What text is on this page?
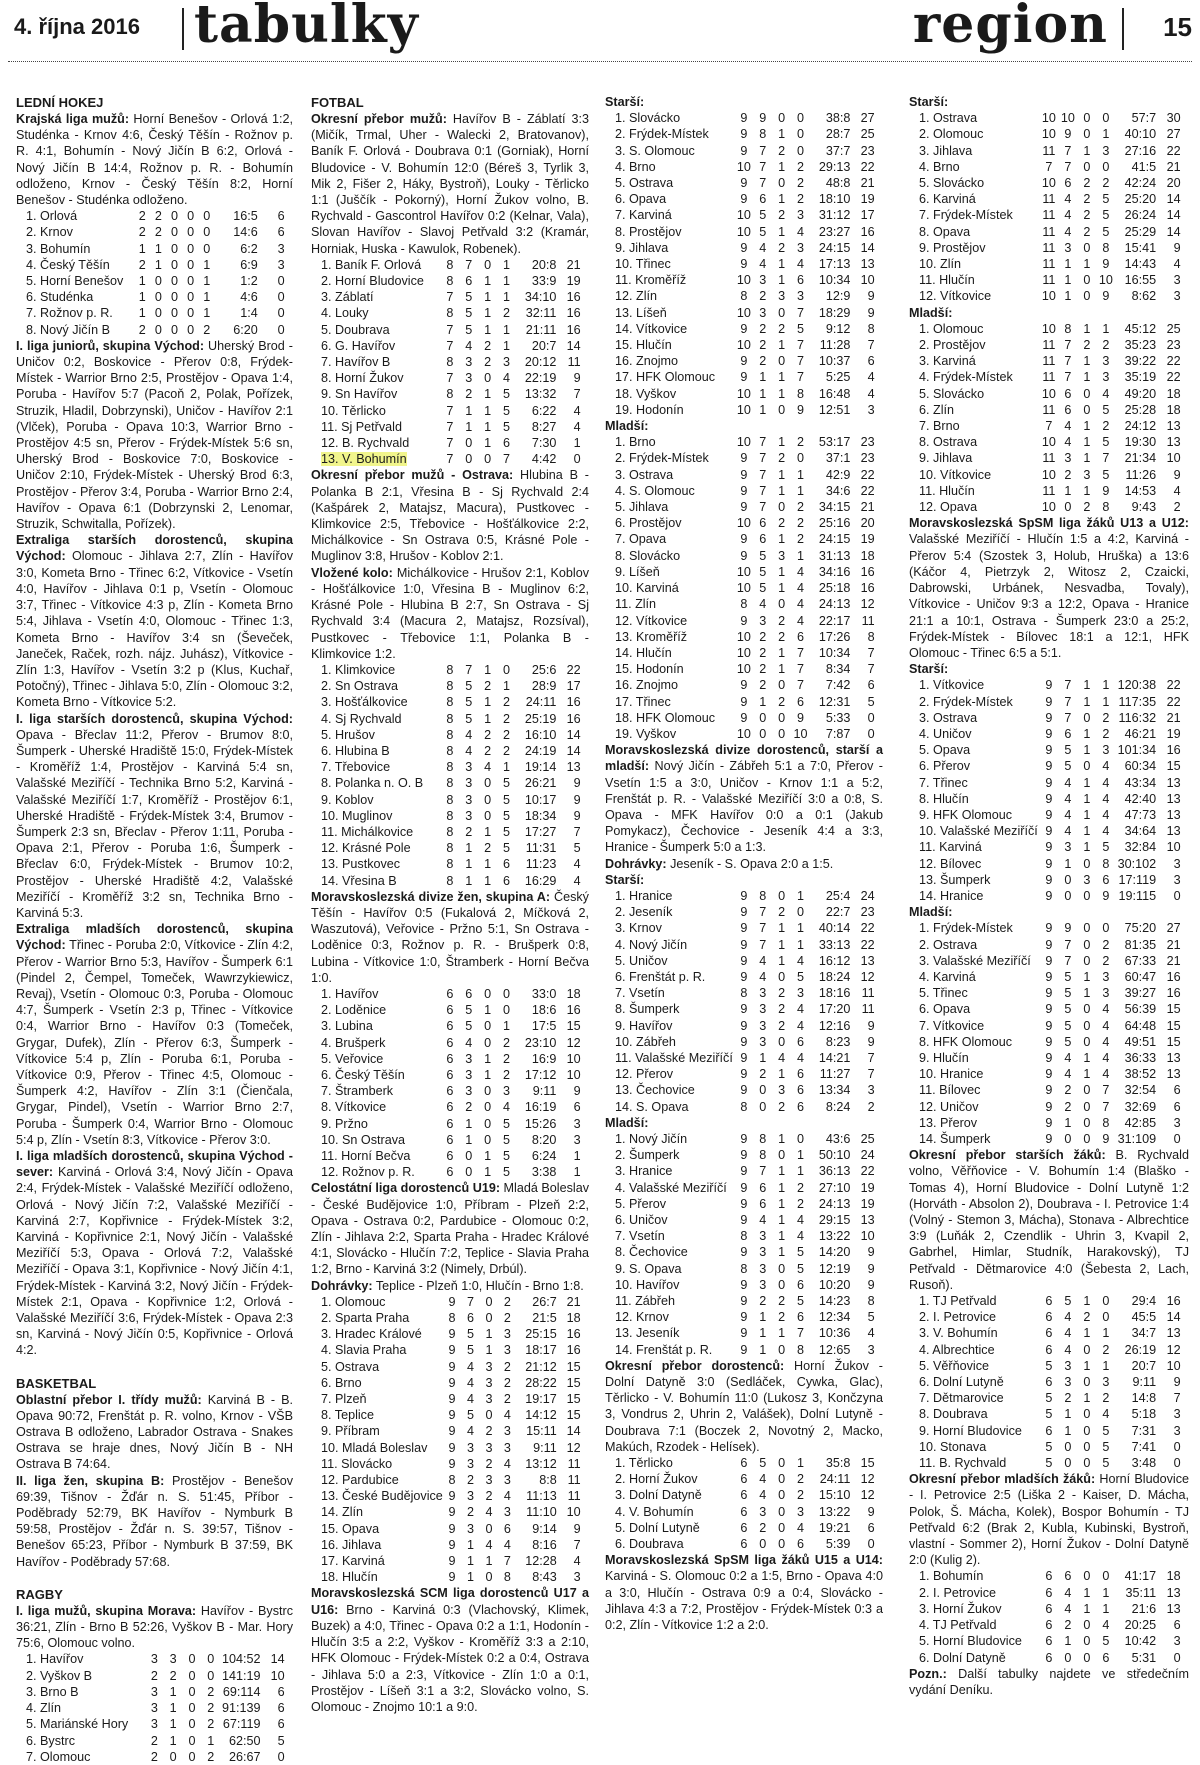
4. října 2016 tabulky	region 15
LEDNÍ HOKEJ

Krajská liga mužů: Horní Benešov - Orlová 1:2, Studénka - Krnov 4:6, Český Těšín - Rožnov p. R. 4:1, Bohumín - Nový Jičín B 6:2, Orlová - Nový Jičín B 14:4, Rožnov p. R. - Bohumín odloženo, Krnov - Český Těšín 8:2, Horní Benešov - Studénka odloženo.

1. Orlová	2	2	0	0	0	16:5	6
2. Krnov	2	2	0	0	0	14:6	6
3. Bohumín	1	1	0	0	0	6:2	3
4. Český Těšín	2	1	0	0	1	6:9	3
5. Horní Benešov	1	0	0	0	1	1:2	0
6. Studénka	1	0	0	0	1	4:6	0
7. Rožnov p. R.	1	0	0	0	1	1:4	0
8. Nový Jičín B	2	0	0	0	2	6:20	0

I. liga juniorů, skupina Východ: Uherský Brod - Uničov 0:2, Boskovice - Přerov 0:8, Frýdek-Místek - Warrior Brno 2:5, Prostějov - Opava 1:4, Poruba - Havířov 5:7 (Pacoň 2, Polak, Pořízek, Struzik, Hladil, Dobrzynski), Uničov - Havířov 2:1 (Vlček), Poruba - Opava 10:3, Warrior Brno - Prostějov 4:5 sn, Přerov - Frýdek-Místek 5:6 sn, Uherský Brod - Boskovice 7:0, Boskovice - Uničov 2:10, Frýdek-Místek - Uherský Brod 6:3, Prostějov - Přerov 3:4, Poruba - Warrior Brno 2:4, Havířov - Opava 6:1 (Dobrzynski 2, Lenomar, Struzik, Schwitalla, Pořízek).

Extraliga starších dorostenců, skupina Východ: Olomouc - Jihlava 2:7, Zlín - Havířov 3:0, Kometa Brno - Třinec 6:2, Vítkovice - Vsetín 4:0, Havířov - Jihlava 0:1 p, Vsetín - Olomouc 3:7, Třinec - Vítkovice 4:3 p, Zlín - Kometa Brno 5:4, Jihlava - Vsetín 4:0, Olomouc - Třinec 1:3, Kometa Brno - Havířov 3:4 sn (Ševeček, Janeček, Raček, rozh. nájz. Juhász), Vítkovice - Zlín 1:3, Havířov - Vsetín 3:2 p (Klus, Kuchař, Potočný), Třinec - Jihlava 5:0, Zlín - Olomouc 3:2, Kometa Brno - Vítkovice 5:2.

I. liga starších dorostenců, skupina Východ: Opava - Břeclav 11:2, Přerov - Brumov 8:0, Šumperk - Uherské Hradiště 15:0, Frýdek-Místek - Kroměříž 1:4, Prostějov - Karviná 5:4 sn, Valašské Meziříčí - Technika Brno 5:2, Karviná - Valašské Meziříčí 1:7, Kroměříž - Prostějov 6:1, Uherské Hradiště - Frýdek-Místek 3:4, Brumov - Šumperk 2:3 sn, Břeclav - Přerov 1:11, Poruba - Opava 2:1, Přerov - Poruba 1:6, Šumperk - Břeclav 6:0, Frýdek-Místek - Brumov 10:2, Prostějov - Uherské Hradiště 4:2, Valašské Meziříčí - Kroměříž 3:2 sn, Technika Brno - Karviná 5:3.

Extraliga mladších dorostenců, skupina Východ: Třinec - Poruba 2:0, Vítkovice - Zlín 4:2, Přerov - Warrior Brno 5:3, Havířov - Šumperk 6:1 (Pindel 2, Čempel, Tomeček, Wawrzykiewicz, Revaj), Vsetín - Olomouc 0:3, Poruba - Olomouc 4:7, Šumperk - Vsetín 2:3 p, Třinec - Vítkovice 0:4, Warrior Brno - Havířov 0:3 (Tomeček, Grygar, Dufek), Zlín - Přerov 6:3, Šumperk - Vítkovice 5:4 p, Zlín - Poruba 6:1, Poruba - Vítkovice 0:9, Přerov - Třinec 4:5, Olomouc - Šumperk 4:2, Havířov - Zlín 3:1 (Čienčala, Grygar, Pindel), Vsetín - Warrior Brno 2:7, Poruba - Šumperk 0:4, Warrior Brno - Olomouc 5:4 p, Zlín - Vsetín 8:3, Vítkovice - Přerov 3:0.

I. liga mladších dorostenců, skupina Východ - sever: Karviná - Orlová 3:4, Nový Jičín - Opava 2:4, Frýdek-Místek - Valašské Meziříčí odloženo, Orlová - Nový Jičín 7:2, Valašské Meziříčí - Karviná 2:7, Kopřivnice - Frýdek-Místek 3:2, Karviná - Kopřivnice 2:1, Nový Jičín - Valašské Meziříčí 5:3, Opava - Orlová 7:2, Valašské Meziříčí - Opava 3:1, Kopřivnice - Nový Jičín 4:1, Frýdek-Místek - Karviná 3:2, Nový Jičín - Frýdek-Místek 2:1, Opava - Kopřivnice 1:2, Orlová - Valašské Meziříčí 3:6, Frýdek-Místek - Opava 2:3 sn, Karviná - Nový Jičín 0:5, Kopřivnice - Orlová 4:2.

BASKETBAL

Oblastní přebor I. třídy mužů: Karviná B - B. Opava 90:72, Frenštát p. R. volno, Krnov - VŠB Ostrava B odloženo, Labrador Ostrava - Snakes Ostrava se hraje dnes, Nový Jičín B - NH Ostrava B 74:64.

II. liga žen, skupina B: Prostějov - Benešov 69:39, Tišnov - Žďár n. S. 51:45, Příbor - Poděbrady 52:79, BK Havířov - Nymburk B 59:58, Prostějov - Žďár n. S. 39:57, Tišnov - Benešov 65:23, Příbor - Nymburk B 37:59, BK Havířov - Poděbrady 57:68.

RAGBY

I. liga mužů, skupina Morava: Havířov - Bystrc 36:21, Zlín - Brno B 52:26, Vyškov B - Mar. Hory 75:6, Olomouc volno.

1. Havířov	3	3	0	0	104:52	14
2. Vyškov B	2	2	0	0	141:19	10
3. Brno B	3	1	0	2	69:114	6
4. Zlín	3	1	0	2	91:139	6
5. Mariánské Hory	3	1	0	2	67:119	6
6. Bystrc	2	1	0	1	62:50	5
7. Olomouc	2	0	0	2	26:67	0
FOTBAL

Okresní přebor mužů: Havířov B - Záblatí 3:3 (Mičík, Trmal, Uher - Walecki 2, Bratovanov), Baník F. Orlová - Doubrava 0:1 (Gorniak), Horní Bludovice - V. Bohumín 12:0 (Béreš 3, Tyrlik 3, Mik 2, Fišer 2, Háky, Bystroň), Louky - Těrlicko 1:1 (Juščík - Pokorný), Horní Žukov volno, B. Rychvald - Gascontrol Havířov 0:2 (Kelnar, Vala), Slovan Havířov - Slavoj Petřvald 3:2 (Kramár, Horniak, Huska - Kawulok, Robenek).

1. Baník F. Orlová	8	7	0	1	20:8	21
2. Horní Bludovice	8	6	1	1	33:9	19
3. Záblatí	7	5	1	1	34:10	16
4. Louky	8	5	1	2	32:11	16
5. Doubrava	7	5	1	1	21:11	16
6. G. Havířov	7	4	2	1	20:7	14
7. Havířov B	8	3	2	3	20:12	11
8. Horní Žukov	7	3	0	4	22:19	9
9. Sn Havířov	8	2	1	5	13:32	7
10. Těrlicko	7	1	1	5	6:22	4
11. Sj Petřvald	7	1	1	5	8:27	4
12. B. Rychvald	7	0	1	6	7:30	1
13. V. Bohumín	7	0	0	7	4:42	0

Okresní přebor mužů - Ostrava: Hlubina B - Polanka B 2:1, Vřesina B - Sj Rychvald 2:4 (Kašpárek 2, Matajsz, Macura), Pustkovec - Klimkovice 2:5, Třebovice - Hošťálkovice 2:2, Michálkovice - Sn Ostrava 0:5, Krásné Pole - Muglinov 3:8, Hrušov - Koblov 2:1.

Vložené kolo: Michálkovice - Hrušov 2:1, Koblov - Hošťálkovice 1:0, Vřesina B - Muglinov 6:2, Krásné Pole - Hlubina B 2:7, Sn Ostrava - Sj Rychvald 3:4 (Macura 2, Matajsz, Rozsíval), Pustkovec - Třebovice 1:1, Polanka B - Klimkovice 1:2.

1. Klimkovice	8	7	1	0	25:6	22
2. Sn Ostrava	8	5	2	1	28:9	17
3. Hošťálkovice	8	5	1	2	24:11	16
4. Sj Rychvald	8	5	1	2	25:19	16
5. Hrušov	8	4	2	2	16:10	14
6. Hlubina B	8	4	2	2	24:19	14
7. Třebovice	8	3	4	1	19:14	13
8. Polanka n. O. B	8	3	0	5	26:21	9
9. Koblov	8	3	0	5	10:17	9
10. Muglinov	8	3	0	5	18:34	9
11. Michálkovice	8	2	1	5	17:27	7
12. Krásné Pole	8	1	2	5	11:31	5
13. Pustkovec	8	1	1	6	11:23	4
14. Vřesina B	8	1	1	6	16:29	4

Moravskoslezská divize žen, skupina A: Český Těšín - Havířov 0:5 (Fukalová 2, Míčková 2, Waszutová), Veřovice - Pržno 5:1, Sn Ostrava - Loděnice 0:3, Rožnov p. R. - Brušperk 0:8, Lubina - Vítkovice 1:0, Štramberk - Horní Bečva 1:0.

1. Havířov	6	6	0	0	33:0	18
2. Loděnice	6	5	1	0	18:6	16
3. Lubina	6	5	0	1	17:5	15
4. Brušperk	6	4	0	2	23:10	12
5. Veřovice	6	3	1	2	16:9	10
6. Český Těšín	6	3	1	2	17:12	10
7. Štramberk	6	3	0	3	9:11	9
8. Vítkovice	6	2	0	4	16:19	6
9. Pržno	6	1	0	5	15:26	3
10. Sn Ostrava	6	1	0	5	8:20	3
11. Horní Bečva	6	0	1	5	6:24	1
12. Rožnov p. R.	6	0	1	5	3:38	1

Celostátní liga dorostenců U19: Mladá Boleslav - České Budějovice 1:0, Příbram - Plzeň 2:2, Opava - Ostrava 0:2, Pardubice - Olomouc 0:2, Zlín - Jihlava 2:2, Sparta Praha - Hradec Králové 4:1, Slovácko - Hlučín 7:2, Teplice - Slavia Praha 1:2, Brno - Karviná 3:2 (Nimely, Drbúl).

Dohrávky: Teplice - Plzeň 1:0, Hlučín - Brno 1:8.

1. Olomouc	9	7	0	2	26:7	21
2. Sparta Praha	8	6	0	2	21:5	18
3. Hradec Králové	9	5	1	3	25:15	16
4. Slavia Praha	9	5	1	3	18:17	16
5. Ostrava	9	4	3	2	21:12	15
6. Brno	9	4	3	2	28:22	15
7. Plzeň	9	4	3	2	19:17	15
8. Teplice	9	5	0	4	14:12	15
9. Příbram	9	4	2	3	15:11	14
10. Mladá Boleslav	9	3	3	3	9:11	12
11. Slovácko	9	3	2	4	13:12	11
12. Pardubice	8	2	3	3	8:8	11
13. České Budějovice	9	3	2	4	11:13	11
14. Zlín	9	2	4	3	11:10	10
15. Opava	9	3	0	6	9:14	9
16. Jihlava	9	1	4	4	8:16	7
17. Karviná	9	1	1	7	12:28	4
18. Hlučín	9	1	0	8	8:43	3

Moravskoslezská SCM liga dorostenců U17 a U16: Brno - Karviná 0:3 (Vlachovský, Klimek, Buzek) a 4:0, Třinec - Opava 0:2 a 1:1, Hodonín - Hlučín 3:5 a 2:2, Vyškov - Kroměříž 3:3 a 2:10, HFK Olomouc - Frýdek-Místek 0:2 a 0:4, Ostrava - Jihlava 5:0 a 2:3, Vítkovice - Zlín 1:0 a 0:1, Prostějov - Líšeň 3:1 a 3:2, Slovácko volno, S. Olomouc - Znojmo 10:1 a 9:0.

Starší:
1. Slovácko	9	9	0	0	38:8	27
2. Frýdek-Místek	9	8	1	0	28:7	25
3. S. Olomouc	9	7	2	0	37:7	23
4. Brno	10	7	1	2	29:13	22
5. Ostrava	9	7	0	2	48:8	21
6. Opava	9	6	1	2	18:10	19
7. Karviná	10	5	2	3	31:12	17
8. Prostějov	10	5	1	4	23:27	16
9. Jihlava	9	4	2	3	24:15	14
10. Třinec	9	4	1	4	17:13	13
11. Kroměříž	10	3	1	6	10:34	10
12. Zlín	8	2	3	3	12:9	9
13. Líšeň	10	3	0	7	18:29	9
14. Vítkovice	9	2	2	5	9:12	8
15. Hlučín	10	2	1	7	11:28	7
16. Znojmo	9	2	0	7	10:37	6
17. HFK Olomouc	9	1	1	7	5:25	4
18. Vyškov	10	1	1	8	16:48	4
19. Hodonín	10	1	0	9	12:51	3
Mladší:
1. Brno	10	7	1	2	53:17	23
2. Frýdek-Místek	9	7	2	0	37:1	23
3. Ostrava	9	7	1	1	42:9	22
4. S. Olomouc	9	7	1	1	34:6	22
5. Jihlava	9	7	0	2	34:15	21
6. Prostějov	10	6	2	2	25:16	20
7. Opava	9	6	1	2	24:15	19
8. Slovácko	9	5	3	1	31:13	18
9. Líšeň	10	5	1	4	34:16	16
10. Karviná	10	5	1	4	25:18	16
11. Zlín	8	4	0	4	24:13	12
12. Vítkovice	9	3	2	4	22:17	11
13. Kroměříž	10	2	2	6	17:26	8
14. Hlučín	10	2	1	7	10:34	7
15. Hodonín	10	2	1	7	8:34	7
16. Znojmo	9	2	0	7	7:42	6
17. Třinec	9	1	2	6	12:31	5
18. HFK Olomouc	9	0	0	9	5:33	0
19. Vyškov	10	0	0	10	7:87	0

Moravskoslezská divize dorostenců, starší a mladší: Nový Jičín - Zábřeh 5:1 a 7:0, Přerov - Vsetín 1:5 a 3:0, Uničov - Krnov 1:1 a 5:2, Frenštát p. R. - Valašské Meziříčí 3:0 a 0:8, S. Opava - MFK Havířov 0:0 a 0:1 (Jakub Pomykacz), Čechovice - Jeseník 4:4 a 3:3, Hranice - Šumperk 5:0 a 1:3.

Dohrávky: Jeseník - S. Opava 2:0 a 1:5.

Starší:
1. Hranice	9	8	0	1	25:4	24
2. Jeseník	9	7	2	0	22:7	23
3. Krnov	9	7	1	1	40:14	22
4. Nový Jičín	9	7	1	1	33:13	22
5. Uničov	9	4	1	4	16:12	13
6. Frenštát p. R.	9	4	0	5	18:24	12
7. Vsetín	8	3	2	3	18:16	11
8. Šumperk	9	3	2	4	17:20	11
9. Havířov	9	3	2	4	12:16	9
10. Zábřeh	9	3	0	6	8:23	9
11. Valašské Meziříčí	9	1	4	4	14:21	7
12. Přerov	9	2	1	6	11:27	7
13. Čechovice	9	0	3	6	13:34	3
14. S. Opava	8	0	2	6	8:24	2
Mladší:
1. Nový Jičín	9	8	1	0	43:6	25
2. Šumperk	9	8	0	1	50:10	24
3. Hranice	9	7	1	1	36:13	22
4. Valašské Meziříčí	9	6	1	2	27:10	19
5. Přerov	9	6	1	2	24:13	19
6. Uničov	9	4	1	4	29:15	13
7. Vsetín	8	3	1	4	13:22	10
8. Čechovice	9	3	1	5	14:20	9
9. S. Opava	8	3	0	5	12:19	9
10. Havířov	9	3	0	6	10:20	9
11. Zábřeh	9	2	2	5	14:23	8
12. Krnov	9	1	2	6	12:34	5
13. Jeseník	9	1	1	7	10:36	4
14. Frenštát p. R.	9	1	0	8	12:65	3

Okresní přebor dorostenců: Horní Žukov - Dolní Datyně 3:0 (Sedláček, Cywka, Glac), Těrlicko - V. Bohumín 11:0 (Lukosz 3, Končzyna 3, Vondrus 2, Uhrin 2, Valášek), Dolní Lutyně - Doubrava 7:1 (Boczek 2, Novotný 2, Macko, Makúch, Rzodek - Helísek).

1. Těrlicko	6	5	0	1	35:8	15
2. Horní Žukov	6	4	0	2	24:11	12
3. Dolní Datyně	6	4	0	2	15:10	12
4. V. Bohumín	6	3	0	3	13:22	9
5. Dolní Lutyně	6	2	0	4	19:21	6
6. Doubrava	6	0	0	6	5:39	0

Moravskoslezská SpSM liga žáků U15 a U14: Karviná - S. Olomouc 0:2 a 1:5, Brno - Opava 4:0 a 3:0, Hlučín - Ostrava 0:9 a 0:4, Slovácko - Jihlava 4:3 a 7:2, Prostějov - Frýdek-Místek 0:3 a 0:2, Zlín - Vítkovice 1:2 a 2:0.

Starší:
1. Ostrava	10	10	0	0	57:7	30
2. Olomouc	10	9	0	1	40:10	27
3. Jihlava	11	7	1	3	27:16	22
4. Brno	7	7	0	0	41:5	21
5. Slovácko	10	6	2	2	42:24	20
6. Karviná	11	4	2	5	25:20	14
7. Frýdek-Místek	11	4	2	5	26:24	14
8. Opava	11	4	2	5	25:29	14
9. Prostějov	11	3	0	8	15:41	9
10. Zlín	11	1	1	9	14:43	4
11. Hlučín	11	1	0	10	16:55	3
12. Vítkovice	10	1	0	9	8:62	3
Mladší:
1. Olomouc	10	8	1	1	45:12	25
2. Prostějov	11	7	2	2	35:23	23
3. Karviná	11	7	1	3	39:22	22
4. Frýdek-Místek	11	7	1	3	35:19	22
5. Slovácko	10	6	0	4	49:20	18
6. Zlín	11	6	0	5	25:28	18
7. Brno	7	4	1	2	24:12	13
8. Ostrava	10	4	1	5	19:30	13
9. Jihlava	11	3	1	7	21:34	10
10. Vítkovice	10	2	3	5	11:26	9
11. Hlučín	11	1	1	9	14:53	4
12. Opava	10	0	2	8	9:43	2

Moravskoslezská SpSM liga žáků U13 a U12: Valašské Meziříčí - Hlučín 1:5 a 4:2, Karviná - Přerov 5:4 (Szostek 3, Holub, Hruška) a 13:6 (Káčor 4, Pietrzyk 2, Witosz 2, Czaicki, Dabrowski, Urbánek, Nesvadba, Tovaly), Vítkovice - Uničov 9:3 a 12:2, Opava - Hranice 21:1 a 10:1, Ostrava - Šumperk 23:0 a 25:2, Frýdek-Místek - Bílovec 18:1 a 12:1, HFK Olomouc - Třinec 6:5 a 5:1.

Starší:
1. Vítkovice	9	7	1	1	120:38	22
2. Frýdek-Místek	9	7	1	1	117:35	22
3. Ostrava	9	7	0	2	116:32	21
4. Uničov	9	6	1	2	46:21	19
5. Opava	9	5	1	3	101:34	16
6. Přerov	9	5	0	4	60:34	15
7. Třinec	9	4	1	4	43:34	13
8. Hlučín	9	4	1	4	42:40	13
9. HFK Olomouc	9	4	1	4	47:73	13
10. Valašské Meziříčí	9	4	1	4	34:64	13
11. Karviná	9	3	1	5	32:84	10
12. Bílovec	9	1	0	8	30:102	3
13. Šumperk	9	0	3	6	17:119	3
14. Hranice	9	0	0	9	19:115	0
Mladší:
1. Frýdek-Místek	9	9	0	0	75:20	27
2. Ostrava	9	7	0	2	81:35	21
3. Valašské Meziříčí	9	7	0	2	67:33	21
4. Karviná	9	5	1	3	60:47	16
5. Třinec	9	5	1	3	39:27	16
6. Opava	9	5	0	4	56:39	15
7. Vítkovice	9	5	0	4	64:48	15
8. HFK Olomouc	9	5	0	4	49:51	15
9. Hlučín	9	4	1	4	36:33	13
10. Hranice	9	4	1	4	38:52	13
11. Bílovec	9	2	0	7	32:54	6
12. Uničov	9	2	0	7	32:69	6
13. Přerov	9	1	0	8	42:85	3
14. Šumperk	9	0	0	9	31:109	0

Okresní přebor starších žáků: B. Rychvald volno, Věřňovice - V. Bohumín 1:4 (Blaško - Tomas 4), Horní Bludovice - Dolní Lutyně 1:2 (Horváth - Absolon 2), Doubrava - I. Petrovice 1:4 (Volný - Stemon 3, Mácha), Stonava - Albrechtice 3:9 (Luňák 2, Czendlik - Uhrin 3, Kvapil 2, Gabrhel, Himlar, Studník, Harakovský), TJ Petřvald - Dětmarovice 4:0 (Šebesta 2, Lach, Rusoň).

1. TJ Petřvald	6	5	1	0	29:4	16
2. I. Petrovice	6	4	2	0	45:5	14
3. V. Bohumín	6	4	1	1	34:7	13
4. Albrechtice	6	4	0	2	26:19	12
5. Věřňovice	5	3	1	1	20:7	10
6. Dolní Lutyně	6	3	0	3	9:11	9
7. Dětmarovice	5	2	1	2	14:8	7
8. Doubrava	5	1	0	4	5:18	3
9. Horní Bludovice	6	1	0	5	7:31	3
10. Stonava	5	0	0	5	7:41	0
11. B. Rychvald	5	0	0	5	3:48	0

Okresní přebor mladších žáků: Horní Bludovice - I. Petrovice 2:5 (Liška 2 - Kaiser, D. Mácha, Polok, Š. Mácha, Kolek), Bospor Bohumín - TJ Petřvald 6:2 (Brak 2, Kubla, Kubinski, Bystroň, vlastní - Sommer 2), Horní Žukov - Dolní Datyně 2:0 (Kulig 2).

1. Bohumín	6	6	0	0	41:17	18
2. I. Petrovice	6	4	1	1	35:11	13
3. Horní Žukov	6	4	1	1	21:6	13
4. TJ Petřvald	6	2	0	4	20:25	6
5. Horní Bludovice	6	1	0	5	10:42	3
6. Dolní Datyně	6	0	0	6	5:31	0

Pozn.: Další tabulky najdete ve středečním vydání Deníku.
